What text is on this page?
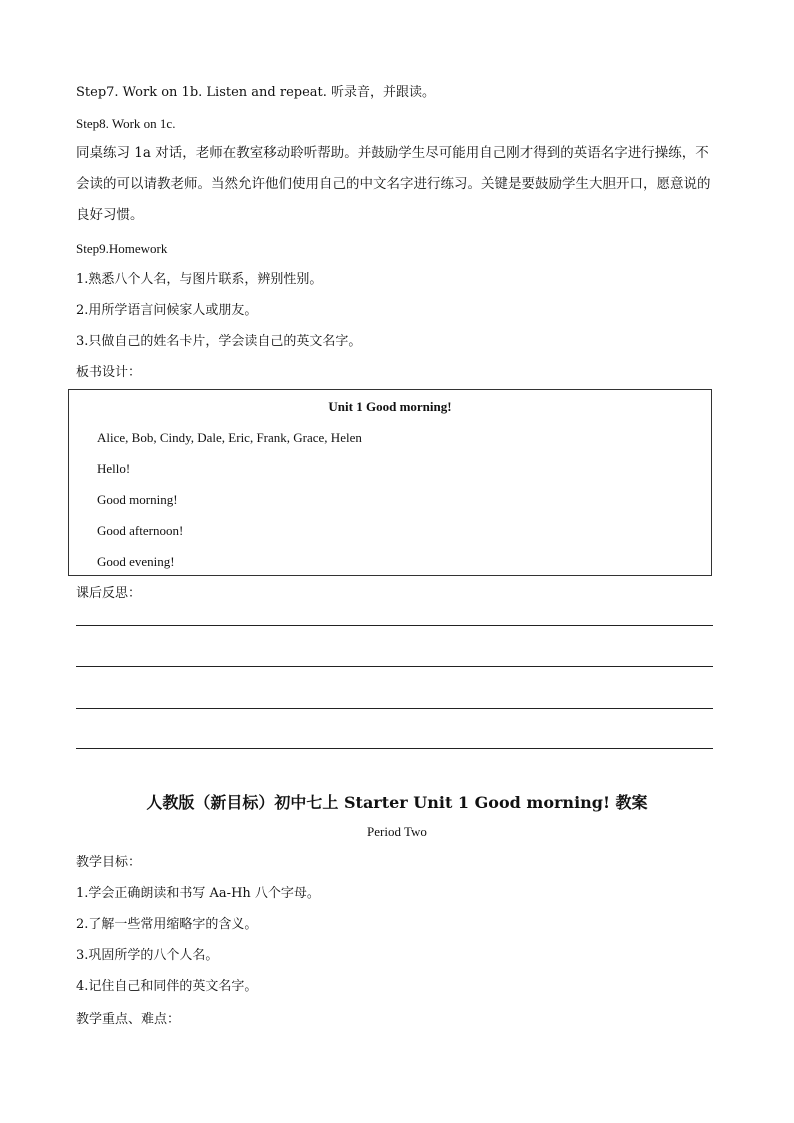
Step7. Work on 1b. Listen and repeat. 听录音，并跟读。
Step8. Work on 1c.
同桌练习 1a 对话，老师在教室移动聆听帮助。并鼓励学生尽可能用自己刚才得到的英语名字进行操练，不会读的可以请教老师。当然允许他们使用自己的中文名字进行练习。关键是要鼓励学生大胆开口，愿意说的良好习惯。
Step9.Homework
1.熟悉八个人名，与图片联系，辨别性别。
2.用所学语言问候家人或朋友。
3.只做自己的姓名卡片，学会读自己的英文名字。
板书设计：
Unit 1 Good morning!
Alice, Bob, Cindy, Dale, Eric, Frank, Grace, Helen
Hello!
Good morning!
Good afternoon!
Good evening!
课后反思：
人教版（新目标）初中七上 Starter Unit 1 Good morning! 教案
Period Two
教学目标：
1.学会正确朗读和书写 Aa-Hh 八个字母。
2.了解一些常用缩略字的含义。
3.巩固所学的八个人名。
4.记住自己和同伴的英文名字。
教学重点、难点：
